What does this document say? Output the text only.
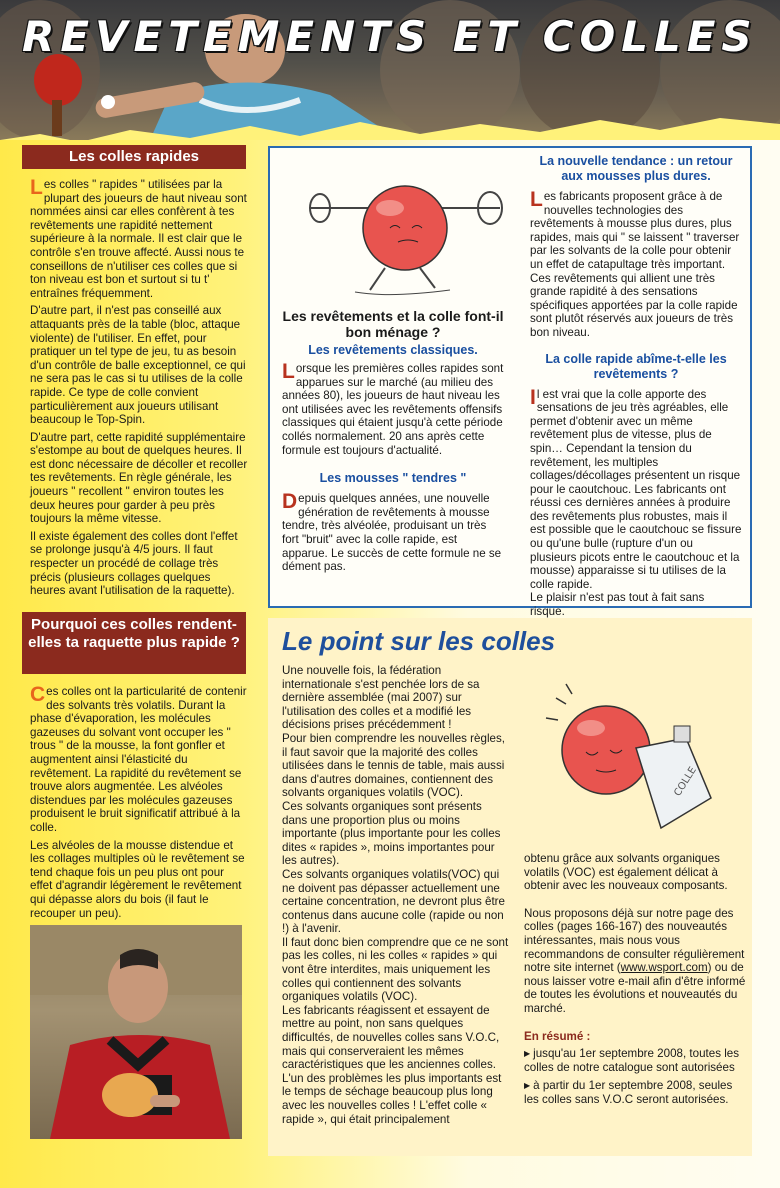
REVETEMENTS ET COLLES
Les colles rapides

Les colles " rapides " utilisées par la plupart des joueurs de haut niveau sont nommées ainsi car elles confèrent à tes revêtements une rapidité nettement supérieure à la normale. Il est clair que le contrôle s'en trouve affecté. Aussi nous te conseillons de n'utiliser ces colles que si ton niveau est bon et surtout si tu t' entraînes fréquemment.

D'autre part, il n'est pas conseillé aux attaquants près de la table (bloc, attaque violente) de l'utiliser. En effet, pour pratiquer un tel type de jeu, tu as besoin d'un contrôle de balle exceptionnel, ce qui ne sera pas le cas si tu utilises de la colle rapide. Ce type de colle convient particulièrement aux joueurs utilisant beaucoup le Top-Spin.

D'autre part, cette rapidité supplémentaire s'estompe au bout de quelques heures. Il est donc nécessaire de décoller et recoller tes revêtements. En règle générale, les joueurs " recollent " environ toutes les deux heures pour garder à peu près toujours la même vitesse.

Il existe également des colles dont l'effet se prolonge jusqu'à 4/5 jours. Il faut respecter un procédé de collage très précis (plusieurs collages quelques heures avant l'utilisation de la raquette).

Pourquoi ces colles rendent-elles ta raquette plus rapide ?

Ces colles ont la particularité de contenir des solvants très volatils. Durant la phase d'évaporation, les molécules gazeuses du solvant vont occuper les " trous " de la mousse, la font gonfler et augmentent ainsi l'élasticité du revêtement. La rapidité du revêtement se trouve alors augmentée. Les alvéoles distendues par les molécules gazeuses produisent le bruit significatif attribué à la colle.

Les alvéoles de la mousse distendue et les collages multiples où le revêtement se tend chaque fois un peu plus ont pour effet d'agrandir légèrement le revêtement qui dépasse alors du bois (il faut le recouper un peu).

Les revêtements et la colle font-il bon ménage ?
Les revêtements classiques.

Lorsque les premières colles rapides sont apparues sur le marché (au milieu des années 80), les joueurs de haut niveau les ont utilisées avec les revêtements offensifs classiques qui étaient jusqu'à cette période collés normalement. 20 ans après cette formule est toujours d'actualité.

Les mousses " tendres "

Depuis quelques années, une nouvelle génération de revêtements à mousse tendre, très alvéolée, produisant un très fort "bruit" avec la colle rapide, est apparue. Le succès de cette formule ne se dément pas.

La nouvelle tendance : un retour aux mousses plus dures.

Les fabricants proposent grâce à de nouvelles technologies des revêtements à mousse plus dures, plus rapides, mais qui " se laissent " traverser par les solvants de la colle pour obtenir un effet de catapultage très important.

Ces revêtements qui allient une très grande rapidité à des sensations spécifiques apportées par la colle rapide sont plutôt réservés aux joueurs de très bon niveau.

La colle rapide abîme-t-elle les revêtements ?

Il est vrai que la colle apporte des sensations de jeu très agréables, elle permet d'obtenir avec un même revêtement plus de vitesse, plus de spin… Cependant la tension du revêtement, les multiples collages/décollages présentent un risque pour le caoutchouc. Les fabricants ont réussi ces dernières années à produire des revêtements plus robustes, mais il est possible que le caoutchouc se fissure ou qu'une bulle (rupture d'un ou plusieurs picots entre le caoutchouc et la mousse) apparaisse si tu utilises de la colle rapide.

Le plaisir n'est pas tout à fait sans risque.

Le point sur les colles

Une nouvelle fois, la fédération internationale s'est penchée lors de sa dernière assemblée (mai 2007) sur l'utilisation des colles et a modifié les décisions prises précédemment !

Pour bien comprendre les nouvelles règles, il faut savoir que la majorité des colles utilisées dans le tennis de table, mais aussi dans d'autres domaines, contiennent des solvants organiques volatils (VOC).

Ces solvants organiques sont présents dans une proportion plus ou moins importante (plus importante pour les colles dites « rapides », moins importantes pour les autres).

Ces solvants organiques volatils(VOC) qui ne doivent pas dépasser actuellement une certaine concentration, ne devront plus être contenus dans aucune colle (rapide ou non !) à l'avenir.

Il faut donc bien comprendre que ce ne sont pas les colles, ni les colles « rapides » qui vont être interdites, mais uniquement les colles qui contiennent des solvants organiques volatils (VOC).

Les fabricants réagissent et essayent de mettre au point, non sans quelques difficultés, de nouvelles colles sans V.O.C, mais qui conserveraient les mêmes caractéristiques que les anciennes colles. L'un des problèmes les plus importants est le temps de séchage beaucoup plus long avec les nouvelles colles ! L'effet colle « rapide », qui était principalement

COLLE

obtenu grâce aux solvants organiques volatils (VOC) est également délicat à obtenir avec les nouveaux composants.

Nous proposons déjà sur notre page des colles (pages 166-167) des nouveautés intéressantes, mais nous vous recommandons de consulter régulièrement notre site internet (www.wsport.com) ou de nous laisser votre e-mail afin d'être informé de toutes les évolutions et nouveautés du marché.

En résumé :

▶ jusqu'au 1er septembre 2008, toutes les colles de notre catalogue sont autorisées

▶ à partir du 1er septembre 2008, seules les colles sans V.O.C seront autorisées.
